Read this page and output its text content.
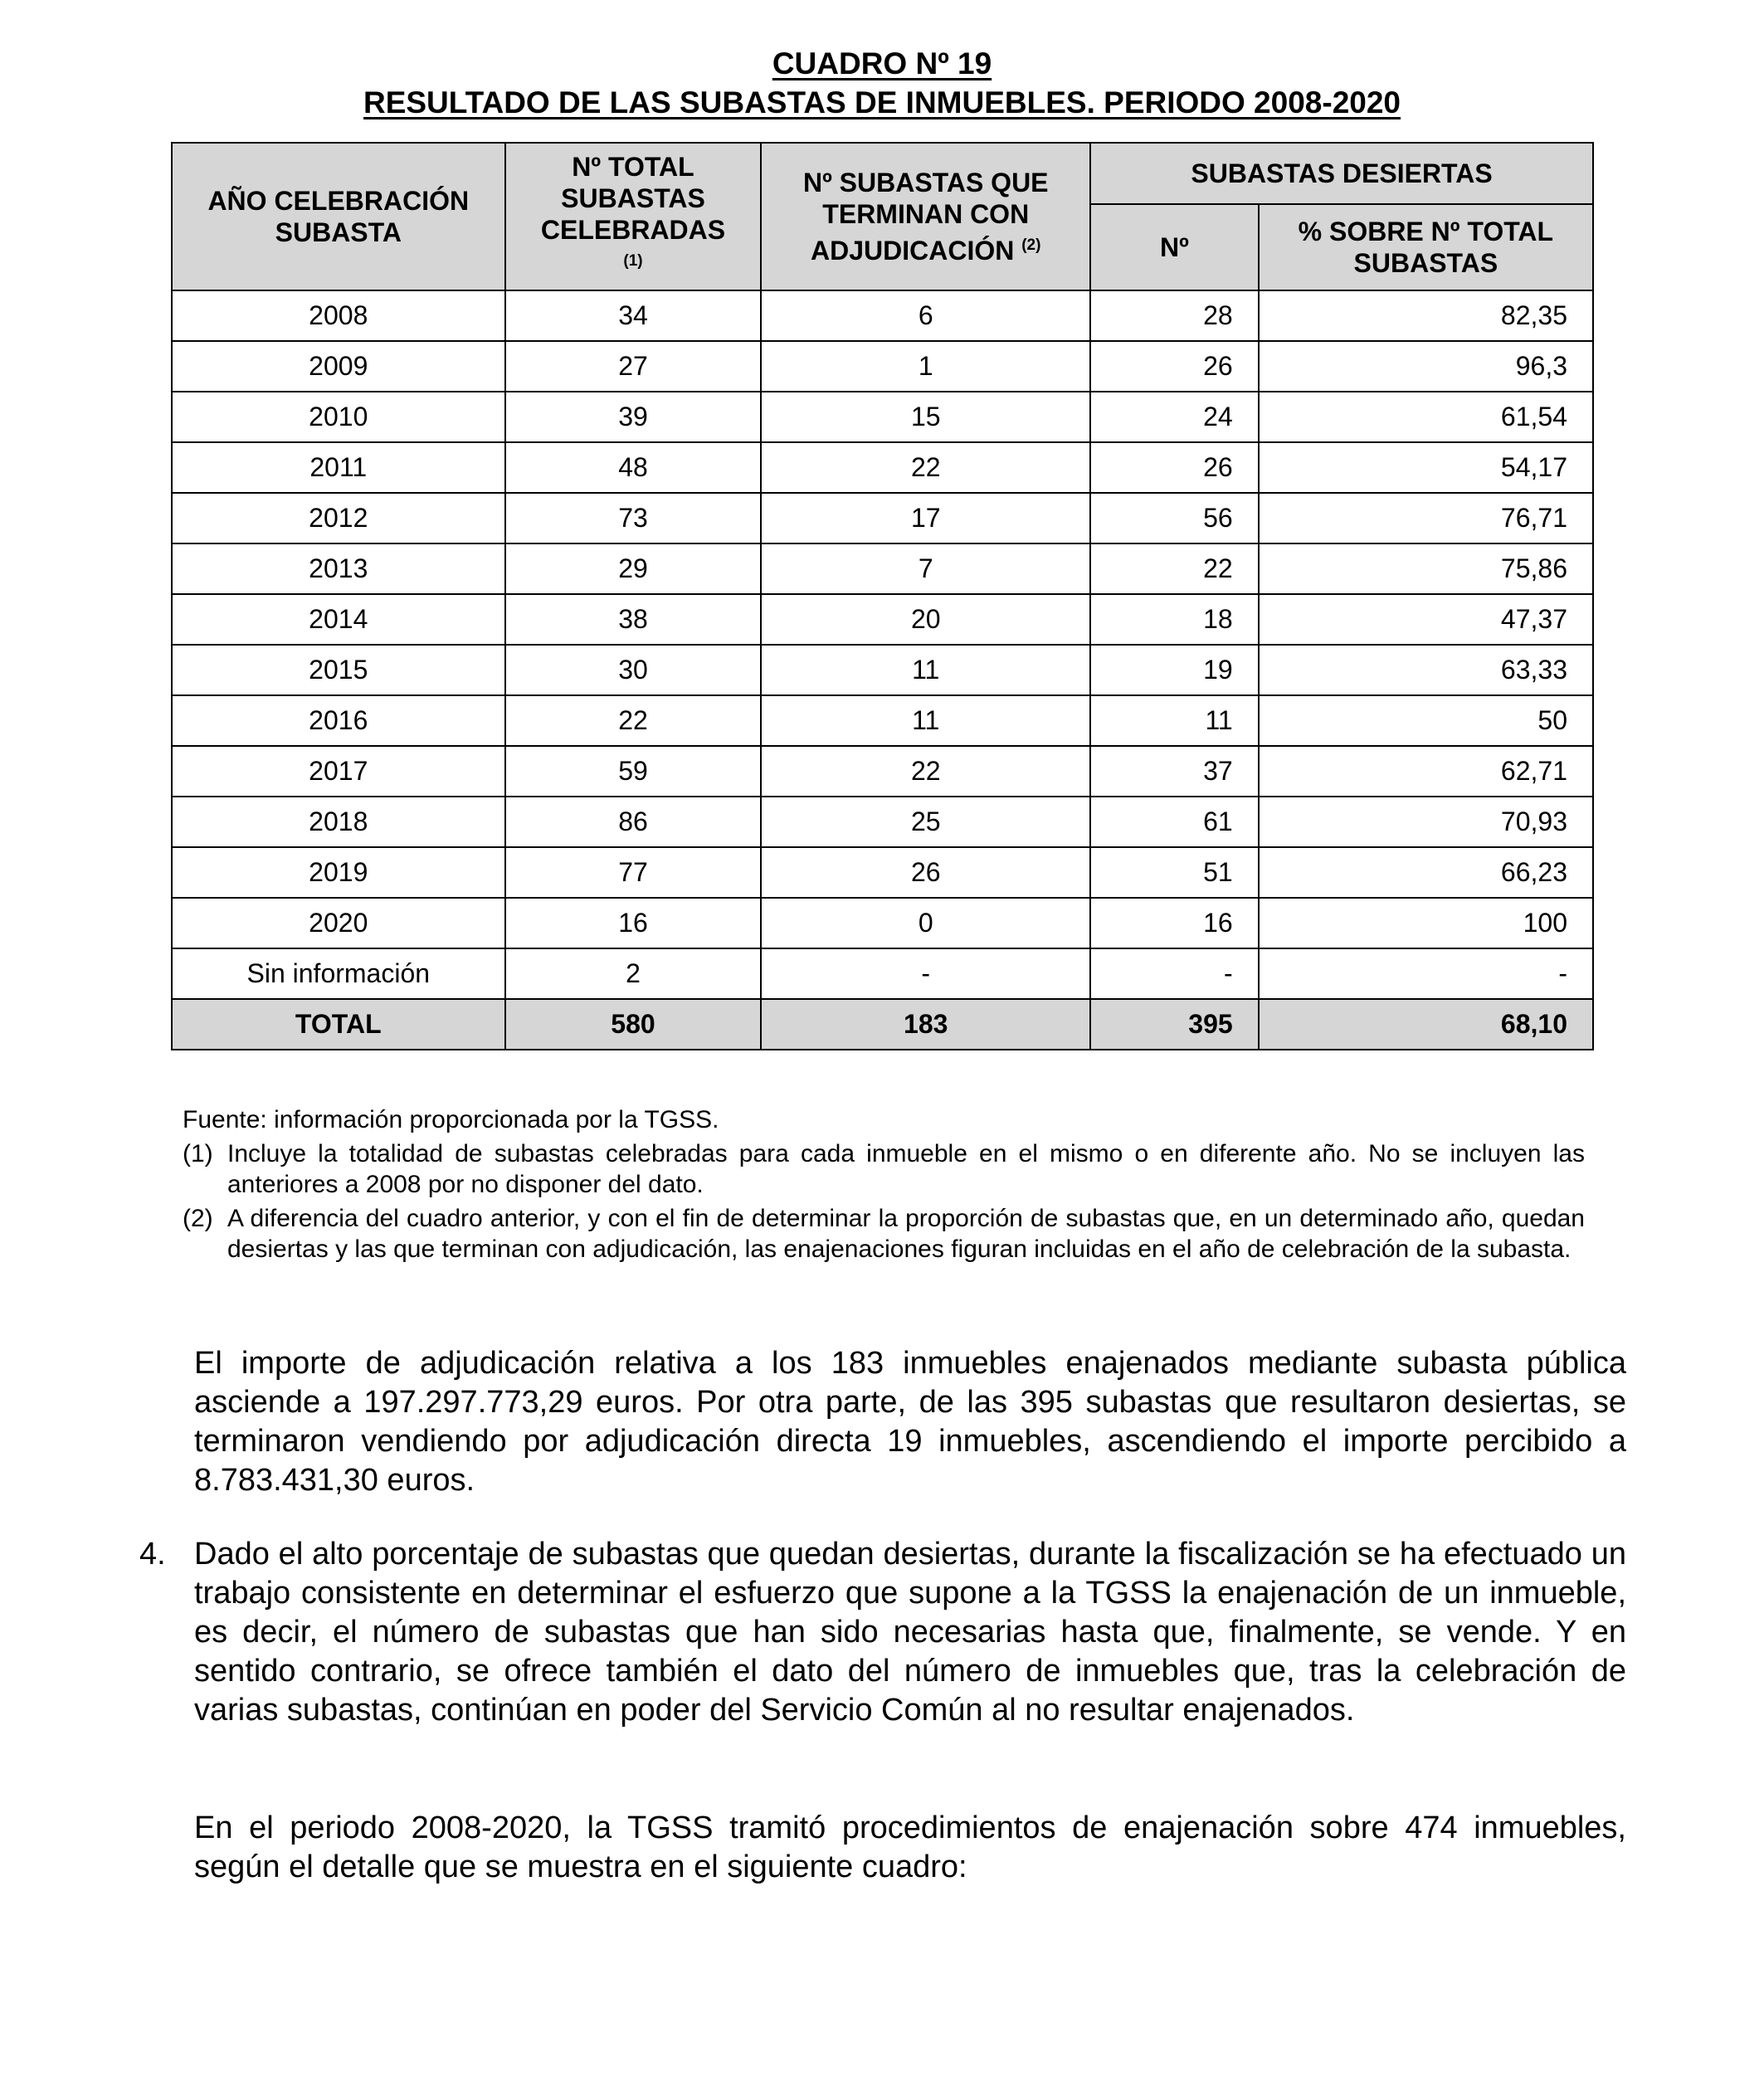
CUADRO Nº 19
RESULTADO DE LAS SUBASTAS DE INMUEBLES. PERIODO 2008-2020
AÑO CELEBRACIÓN SUBASTA	Nº TOTAL SUBASTAS CELEBRADAS $^{(1)}$	Nº SUBASTAS QUE TERMINAN CON ADJUDICACIÓN $^{(2)}$	SUBASTAS DESIERTAS	
			Nº	% SOBRE Nº TOTAL SUBASTAS
2008	34	6	28	82,35
2009	27	1	26	96,3
2010	39	15	24	61,54
2011	48	22	26	54,17
2012	73	17	56	76,71
2013	29	7	22	75,86
2014	38	20	18	47,37
2015	30	11	19	63,33
2016	22	11	11	50
2017	59	22	37	62,71
2018	86	25	61	70,93
2019	77	26	51	66,23
2020	16	0	16	100
Sin información	2	-	-	-
TOTAL	580	183	395	68,10
Fuente: información proporcionada por la TGSS.
(1) Incluye la totalidad de subastas celebradas para cada inmueble en el mismo o en diferente año. No se incluyen las anteriores a 2008 por no disponer del dato.
(2) A diferencia del cuadro anterior, y con el fin de determinar la proporción de subastas que, en un determinado año, quedan desiertas y las que terminan con adjudicación, las enajenaciones figuran incluidas en el año de celebración de la subasta.
El importe de adjudicación relativa a los 183 inmuebles enajenados mediante subasta pública asciende a 197.297.773,29 euros. Por otra parte, de las 395 subastas que resultaron desiertas, se terminaron vendiendo por adjudicación directa 19 inmuebles, ascendiendo el importe percibido a 8.783.431,30 euros.
4. Dado el alto porcentaje de subastas que quedan desiertas, durante la fiscalización se ha efectuado un trabajo consistente en determinar el esfuerzo que supone a la TGSS la enajenación de un inmueble, es decir, el número de subastas que han sido necesarias hasta que, finalmente, se vende. Y en sentido contrario, se ofrece también el dato del número de inmuebles que, tras la celebración de varias subastas, continúan en poder del Servicio Común al no resultar enajenados.
En el periodo 2008-2020, la TGSS tramitó procedimientos de enajenación sobre 474 inmuebles, según el detalle que se muestra en el siguiente cuadro:
